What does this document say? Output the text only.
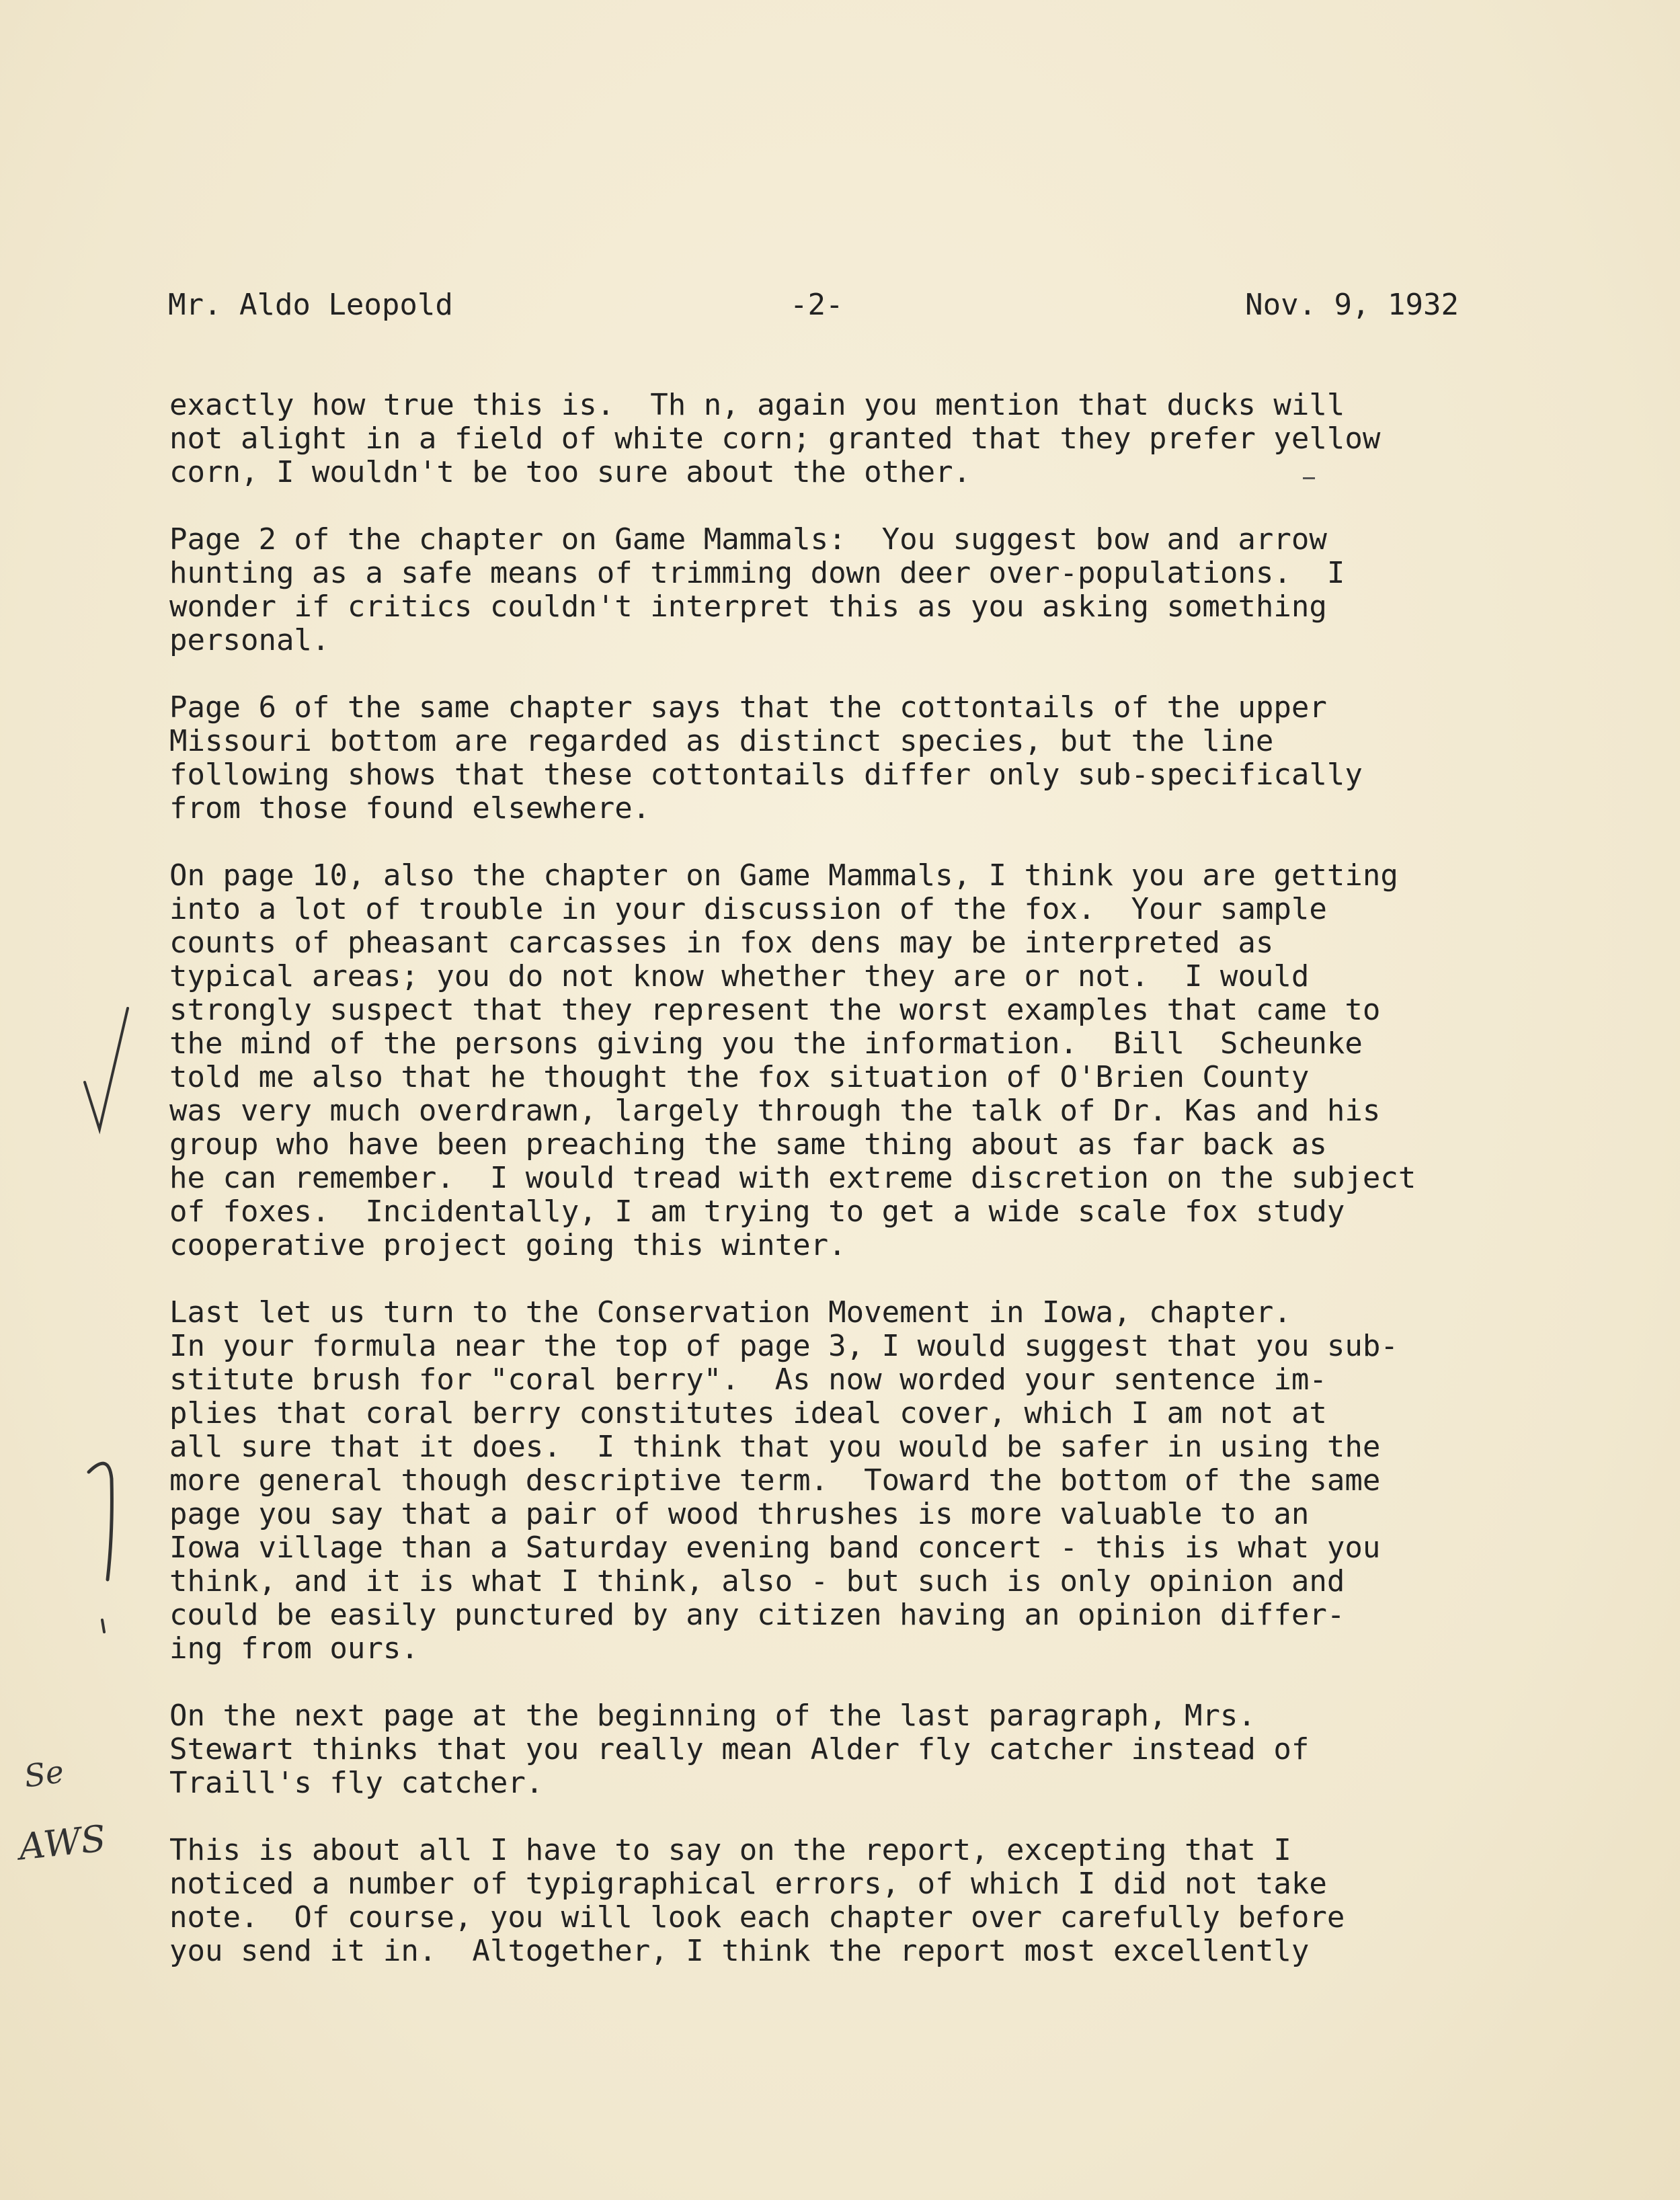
Mr. Aldo Leopold

	-2-

	Nov. 9, 1932

exactly how true this is.  Th n, again you mention that ducks will
not alight in a field of white corn; granted that they prefer yellow
corn, I wouldn't be too sure about the other.
Page 2 of the chapter on Game Mammals:  You suggest bow and arrow
hunting as a safe means of trimming down deer over-populations.  I
wonder if critics couldn't interpret this as you asking something
personal.
Page 6 of the same chapter says that the cottontails of the upper
Missouri bottom are regarded as distinct species, but the line
following shows that these cottontails differ only sub-specifically
from those found elsewhere.
On page 10, also the chapter on Game Mammals, I think you are getting
into a lot of trouble in your discussion of the fox.  Your sample
counts of pheasant carcasses in fox dens may be interpreted as
typical areas; you do not know whether they are or not.  I would
strongly suspect that they represent the worst examples that came to
the mind of the persons giving you the information.  Bill  Scheunke
told me also that he thought the fox situation of O'Brien County
was very much overdrawn, largely through the talk of Dr. Kas and his
group who have been preaching the same thing about as far back as
he can remember.  I would tread with extreme discretion on the subject
of foxes.  Incidentally, I am trying to get a wide scale fox study
cooperative project going this winter.
Last let us turn to the Conservation Movement in Iowa, chapter.
In your formula near the top of page 3, I would suggest that you sub-
stitute brush for "coral berry".  As now worded your sentence im-
plies that coral berry constitutes ideal cover, which I am not at
all sure that it does.  I think that you would be safer in using the
more general though descriptive term.  Toward the bottom of the same
page you say that a pair of wood thrushes is more valuable to an
Iowa village than a Saturday evening band concert - this is what you
think, and it is what I think, also - but such is only opinion and
could be easily punctured by any citizen having an opinion differ-
ing from ours.
On the next page at the beginning of the last paragraph, Mrs.
Stewart thinks that you really mean Alder fly catcher instead of
Traill's fly catcher.
This is about all I have to say on the report, excepting that I
noticed a number of typigraphical errors, of which I did not take
note.  Of course, you will look each chapter over carefully before
you send it in.  Altogether, I think the report most excellently
Se
AWS
